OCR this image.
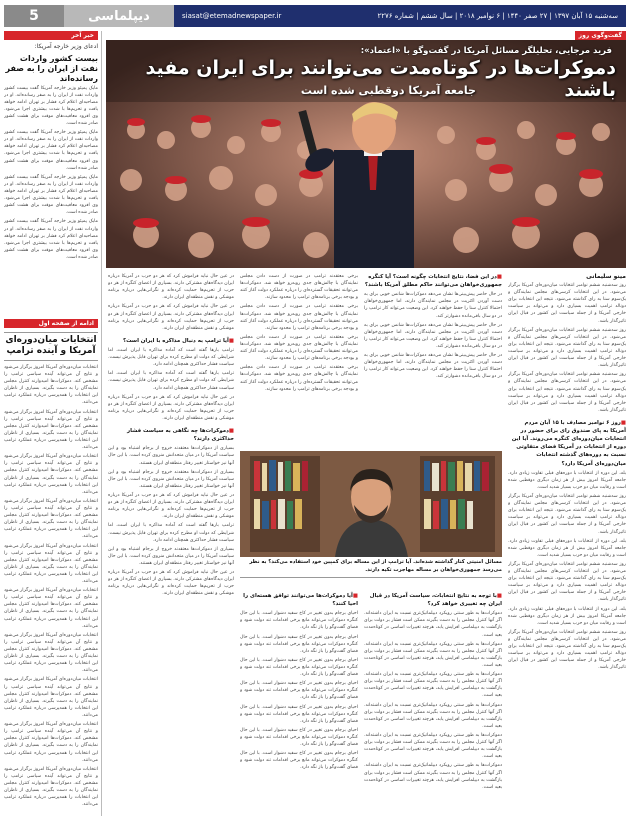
5	دیپلماسی	سه‌شنبه ۱۵ آبان ۱۳۹۷ | ۲۷ صفر ۱۴۴۰ | ۶ نوامبر ۲۰۱۸ | سال ششم | شماره ۲۲۷۶
siasat@etemadnewspaper.ir
خبر آخر
ادعای وزیر خارجه آمریکا:
بیست کشور واردات نفت از ایران را به صفر رسانده‌اند

مایک پمپئو وزیر خارجه آمریکا گفت بیست کشور واردات نفت از ایران را به صفر رسانده‌اند. او در مصاحبه‌ای اعلام کرد فشار بر تهران ادامه خواهد یافت و تحریم‌ها با شدت بیشتری اجرا می‌شود. وی افزود معافیت‌های موقت برای هشت کشور صادر شده است.

مایک پمپئو وزیر خارجه آمریکا گفت بیست کشور واردات نفت از ایران را به صفر رسانده‌اند. او در مصاحبه‌ای اعلام کرد فشار بر تهران ادامه خواهد یافت و تحریم‌ها با شدت بیشتری اجرا می‌شود. وی افزود معافیت‌های موقت برای هشت کشور صادر شده است.

مایک پمپئو وزیر خارجه آمریکا گفت بیست کشور واردات نفت از ایران را به صفر رسانده‌اند. او در مصاحبه‌ای اعلام کرد فشار بر تهران ادامه خواهد یافت و تحریم‌ها با شدت بیشتری اجرا می‌شود. وی افزود معافیت‌های موقت برای هشت کشور صادر شده است.

مایک پمپئو وزیر خارجه آمریکا گفت بیست کشور واردات نفت از ایران را به صفر رسانده‌اند. او در مصاحبه‌ای اعلام کرد فشار بر تهران ادامه خواهد یافت و تحریم‌ها با شدت بیشتری اجرا می‌شود. وی افزود معافیت‌های موقت برای هشت کشور صادر شده است.

ادامه از صفحه اول
انتخابات میان‌دوره‌ای آمریکا و آینده ترامپ

انتخابات میان‌دوره‌ای آمریکا امروز برگزار می‌شود و نتایج آن می‌تواند آینده سیاسی ترامپ را مشخص کند. دموکرات‌ها امیدوارند کنترل مجلس نمایندگان را به دست بگیرند. بسیاری از ناظران این انتخابات را همه‌پرسی درباره عملکرد ترامپ می‌دانند.

انتخابات میان‌دوره‌ای آمریکا امروز برگزار می‌شود و نتایج آن می‌تواند آینده سیاسی ترامپ را مشخص کند. دموکرات‌ها امیدوارند کنترل مجلس نمایندگان را به دست بگیرند. بسیاری از ناظران این انتخابات را همه‌پرسی درباره عملکرد ترامپ می‌دانند.

انتخابات میان‌دوره‌ای آمریکا امروز برگزار می‌شود و نتایج آن می‌تواند آینده سیاسی ترامپ را مشخص کند. دموکرات‌ها امیدوارند کنترل مجلس نمایندگان را به دست بگیرند. بسیاری از ناظران این انتخابات را همه‌پرسی درباره عملکرد ترامپ می‌دانند.

انتخابات میان‌دوره‌ای آمریکا امروز برگزار می‌شود و نتایج آن می‌تواند آینده سیاسی ترامپ را مشخص کند. دموکرات‌ها امیدوارند کنترل مجلس نمایندگان را به دست بگیرند. بسیاری از ناظران این انتخابات را همه‌پرسی درباره عملکرد ترامپ می‌دانند.

انتخابات میان‌دوره‌ای آمریکا امروز برگزار می‌شود و نتایج آن می‌تواند آینده سیاسی ترامپ را مشخص کند. دموکرات‌ها امیدوارند کنترل مجلس نمایندگان را به دست بگیرند. بسیاری از ناظران این انتخابات را همه‌پرسی درباره عملکرد ترامپ می‌دانند.

انتخابات میان‌دوره‌ای آمریکا امروز برگزار می‌شود و نتایج آن می‌تواند آینده سیاسی ترامپ را مشخص کند. دموکرات‌ها امیدوارند کنترل مجلس نمایندگان را به دست بگیرند. بسیاری از ناظران این انتخابات را همه‌پرسی درباره عملکرد ترامپ می‌دانند.

انتخابات میان‌دوره‌ای آمریکا امروز برگزار می‌شود و نتایج آن می‌تواند آینده سیاسی ترامپ را مشخص کند. دموکرات‌ها امیدوارند کنترل مجلس نمایندگان را به دست بگیرند. بسیاری از ناظران این انتخابات را همه‌پرسی درباره عملکرد ترامپ می‌دانند.

انتخابات میان‌دوره‌ای آمریکا امروز برگزار می‌شود و نتایج آن می‌تواند آینده سیاسی ترامپ را مشخص کند. دموکرات‌ها امیدوارند کنترل مجلس نمایندگان را به دست بگیرند. بسیاری از ناظران این انتخابات را همه‌پرسی درباره عملکرد ترامپ می‌دانند.

انتخابات میان‌دوره‌ای آمریکا امروز برگزار می‌شود و نتایج آن می‌تواند آینده سیاسی ترامپ را مشخص کند. دموکرات‌ها امیدوارند کنترل مجلس نمایندگان را به دست بگیرند. بسیاری از ناظران این انتخابات را همه‌پرسی درباره عملکرد ترامپ می‌دانند.

انتخابات میان‌دوره‌ای آمریکا امروز برگزار می‌شود و نتایج آن می‌تواند آینده سیاسی ترامپ را مشخص کند. دموکرات‌ها امیدوارند کنترل مجلس نمایندگان را به دست بگیرند. بسیاری از ناظران این انتخابات را همه‌پرسی درباره عملکرد ترامپ می‌دانند.

گفت‌وگوی روز
فرید مرجایی، تحلیلگر مسائل آمریکا در گفت‌وگو با «اعتماد»:
دموکرات‌ها در کوتاه‌مدت می‌توانند برای ایران مفید باشند
جامعه آمریکا دوقطبی شده است
مینو سلیمانی

روز سه‌شنبه ششم نوامبر انتخابات میان‌دوره‌ای آمریکا برگزار می‌شود. در این انتخابات کرسی‌های مجلس نمایندگان و یک‌سوم سنا به رای گذاشته می‌شود. نتیجه این انتخابات برای دونالد ترامپ اهمیت بسیاری دارد و می‌تواند بر سیاست خارجی آمریکا و از جمله سیاست این کشور در قبال ایران تاثیرگذار باشد.

روز سه‌شنبه ششم نوامبر انتخابات میان‌دوره‌ای آمریکا برگزار می‌شود. در این انتخابات کرسی‌های مجلس نمایندگان و یک‌سوم سنا به رای گذاشته می‌شود. نتیجه این انتخابات برای دونالد ترامپ اهمیت بسیاری دارد و می‌تواند بر سیاست خارجی آمریکا و از جمله سیاست این کشور در قبال ایران تاثیرگذار باشد.

روز سه‌شنبه ششم نوامبر انتخابات میان‌دوره‌ای آمریکا برگزار می‌شود. در این انتخابات کرسی‌های مجلس نمایندگان و یک‌سوم سنا به رای گذاشته می‌شود. نتیجه این انتخابات برای دونالد ترامپ اهمیت بسیاری دارد و می‌تواند بر سیاست خارجی آمریکا و از جمله سیاست این کشور در قبال ایران تاثیرگذار باشد.

■ روز ۶ نوامبر مصادف با ۱۵ آبان مردم آمریکا به پای صندوق رای برای حضور در انتخابات میان‌دوره‌ای کنگره می‌روند. آیا این دوره از انتخابات در آمریکا فضای متفاوتی نسبت به دوره‌های گذشته انتخابات میان‌دوره‌ای آمریکا دارد؟

بله، این دوره از انتخابات با دوره‌های قبلی تفاوت زیادی دارد. جامعه آمریکا امروز بیش از هر زمان دیگری دوقطبی شده است و رقابت میان دو حزب بسیار شدید است.

روز سه‌شنبه ششم نوامبر انتخابات میان‌دوره‌ای آمریکا برگزار می‌شود. در این انتخابات کرسی‌های مجلس نمایندگان و یک‌سوم سنا به رای گذاشته می‌شود. نتیجه این انتخابات برای دونالد ترامپ اهمیت بسیاری دارد و می‌تواند بر سیاست خارجی آمریکا و از جمله سیاست این کشور در قبال ایران تاثیرگذار باشد.

بله، این دوره از انتخابات با دوره‌های قبلی تفاوت زیادی دارد. جامعه آمریکا امروز بیش از هر زمان دیگری دوقطبی شده است و رقابت میان دو حزب بسیار شدید است.

روز سه‌شنبه ششم نوامبر انتخابات میان‌دوره‌ای آمریکا برگزار می‌شود. در این انتخابات کرسی‌های مجلس نمایندگان و یک‌سوم سنا به رای گذاشته می‌شود. نتیجه این انتخابات برای دونالد ترامپ اهمیت بسیاری دارد و می‌تواند بر سیاست خارجی آمریکا و از جمله سیاست این کشور در قبال ایران تاثیرگذار باشد.

بله، این دوره از انتخابات با دوره‌های قبلی تفاوت زیادی دارد. جامعه آمریکا امروز بیش از هر زمان دیگری دوقطبی شده است و رقابت میان دو حزب بسیار شدید است.

روز سه‌شنبه ششم نوامبر انتخابات میان‌دوره‌ای آمریکا برگزار می‌شود. در این انتخابات کرسی‌های مجلس نمایندگان و یک‌سوم سنا به رای گذاشته می‌شود. نتیجه این انتخابات برای دونالد ترامپ اهمیت بسیاری دارد و می‌تواند بر سیاست خارجی آمریکا و از جمله سیاست این کشور در قبال ایران تاثیرگذار باشد.

■ در این فضا، نتایج انتخابات چگونه است؟ آیا کنگره جمهوری‌خواهان می‌توانند حاکم مطلق آمریکا باشند؟

در حال حاضر پیش‌بینی‌ها نشان می‌دهد دموکرات‌ها شانس خوبی برای به دست آوردن اکثریت در مجلس نمایندگان دارند، اما جمهوری‌خواهان احتمالا کنترل سنا را حفظ خواهند کرد. این وضعیت می‌تواند کار ترامپ را در دو سال باقی‌مانده دشوارتر کند.

در حال حاضر پیش‌بینی‌ها نشان می‌دهد دموکرات‌ها شانس خوبی برای به دست آوردن اکثریت در مجلس نمایندگان دارند، اما جمهوری‌خواهان احتمالا کنترل سنا را حفظ خواهند کرد. این وضعیت می‌تواند کار ترامپ را در دو سال باقی‌مانده دشوارتر کند.

در حال حاضر پیش‌بینی‌ها نشان می‌دهد دموکرات‌ها شانس خوبی برای به دست آوردن اکثریت در مجلس نمایندگان دارند، اما جمهوری‌خواهان احتمالا کنترل سنا را حفظ خواهند کرد. این وضعیت می‌تواند کار ترامپ را در دو سال باقی‌مانده دشوارتر کند.

برخی معتقدند ترامپ در صورت از دست دادن مجلس نمایندگان با چالش‌های جدی روبه‌رو خواهد شد. دموکرات‌ها می‌توانند تحقیقات گسترده‌ای را درباره عملکرد دولت آغاز کنند و بودجه برخی برنامه‌های ترامپ را محدود سازند.

برخی معتقدند ترامپ در صورت از دست دادن مجلس نمایندگان با چالش‌های جدی روبه‌رو خواهد شد. دموکرات‌ها می‌توانند تحقیقات گسترده‌ای را درباره عملکرد دولت آغاز کنند و بودجه برخی برنامه‌های ترامپ را محدود سازند.

برخی معتقدند ترامپ در صورت از دست دادن مجلس نمایندگان با چالش‌های جدی روبه‌رو خواهد شد. دموکرات‌ها می‌توانند تحقیقات گسترده‌ای را درباره عملکرد دولت آغاز کنند و بودجه برخی برنامه‌های ترامپ را محدود سازند.

برخی معتقدند ترامپ در صورت از دست دادن مجلس نمایندگان با چالش‌های جدی روبه‌رو خواهد شد. دموکرات‌ها می‌توانند تحقیقات گسترده‌ای را درباره عملکرد دولت آغاز کنند و بودجه برخی برنامه‌های ترامپ را محدود سازند.

مسائل امنیتی کنار گذاشته شده‌اند. آیا ترامپ از این مساله برای کمپین خود استفاده می‌کند؟ به نظر می‌رسد جمهوری‌خواهان بر مساله مهاجرت تکیه دارند.
■ با توجه به نتایج انتخابات، سیاست آمریکا در قبال ایران چه تغییری خواهد کرد؟

دموکرات‌ها به طور سنتی رویکرد دیپلماتیک‌تری نسبت به ایران داشته‌اند. اگر آنها کنترل مجلس را به دست بگیرند ممکن است فشار بر دولت برای بازگشت به دیپلماسی افزایش یابد، هرچند تغییرات اساسی در کوتاه‌مدت بعید است.

دموکرات‌ها به طور سنتی رویکرد دیپلماتیک‌تری نسبت به ایران داشته‌اند. اگر آنها کنترل مجلس را به دست بگیرند ممکن است فشار بر دولت برای بازگشت به دیپلماسی افزایش یابد، هرچند تغییرات اساسی در کوتاه‌مدت بعید است.

دموکرات‌ها به طور سنتی رویکرد دیپلماتیک‌تری نسبت به ایران داشته‌اند. اگر آنها کنترل مجلس را به دست بگیرند ممکن است فشار بر دولت برای بازگشت به دیپلماسی افزایش یابد، هرچند تغییرات اساسی در کوتاه‌مدت بعید است.

دموکرات‌ها به طور سنتی رویکرد دیپلماتیک‌تری نسبت به ایران داشته‌اند. اگر آنها کنترل مجلس را به دست بگیرند ممکن است فشار بر دولت برای بازگشت به دیپلماسی افزایش یابد، هرچند تغییرات اساسی در کوتاه‌مدت بعید است.

دموکرات‌ها به طور سنتی رویکرد دیپلماتیک‌تری نسبت به ایران داشته‌اند. اگر آنها کنترل مجلس را به دست بگیرند ممکن است فشار بر دولت برای بازگشت به دیپلماسی افزایش یابد، هرچند تغییرات اساسی در کوتاه‌مدت بعید است.

دموکرات‌ها به طور سنتی رویکرد دیپلماتیک‌تری نسبت به ایران داشته‌اند. اگر آنها کنترل مجلس را به دست بگیرند ممکن است فشار بر دولت برای بازگشت به دیپلماسی افزایش یابد، هرچند تغییرات اساسی در کوتاه‌مدت بعید است.

■ آیا دموکرات‌ها می‌توانند توافق هسته‌ای را احیا کنند؟

احیای برجام بدون تغییر در کاخ سفید دشوار است. با این حال کنگره دموکرات می‌تواند مانع برخی اقدامات تند دولت شود و فضای گفت‌وگو را باز نگه دارد.

احیای برجام بدون تغییر در کاخ سفید دشوار است. با این حال کنگره دموکرات می‌تواند مانع برخی اقدامات تند دولت شود و فضای گفت‌وگو را باز نگه دارد.

احیای برجام بدون تغییر در کاخ سفید دشوار است. با این حال کنگره دموکرات می‌تواند مانع برخی اقدامات تند دولت شود و فضای گفت‌وگو را باز نگه دارد.

احیای برجام بدون تغییر در کاخ سفید دشوار است. با این حال کنگره دموکرات می‌تواند مانع برخی اقدامات تند دولت شود و فضای گفت‌وگو را باز نگه دارد.

احیای برجام بدون تغییر در کاخ سفید دشوار است. با این حال کنگره دموکرات می‌تواند مانع برخی اقدامات تند دولت شود و فضای گفت‌وگو را باز نگه دارد.

احیای برجام بدون تغییر در کاخ سفید دشوار است. با این حال کنگره دموکرات می‌تواند مانع برخی اقدامات تند دولت شود و فضای گفت‌وگو را باز نگه دارد.

احیای برجام بدون تغییر در کاخ سفید دشوار است. با این حال کنگره دموکرات می‌تواند مانع برخی اقدامات تند دولت شود و فضای گفت‌وگو را باز نگه دارد.

در عین حال نباید فراموش کرد که هر دو حزب در آمریکا درباره ایران دیدگاه‌های مشترکی دارند. بسیاری از اعضای کنگره از هر دو حزب از تحریم‌ها حمایت کرده‌اند و نگرانی‌هایی درباره برنامه موشکی و نقش منطقه‌ای ایران دارند.

در عین حال نباید فراموش کرد که هر دو حزب در آمریکا درباره ایران دیدگاه‌های مشترکی دارند. بسیاری از اعضای کنگره از هر دو حزب از تحریم‌ها حمایت کرده‌اند و نگرانی‌هایی درباره برنامه موشکی و نقش منطقه‌ای ایران دارند.

■ آیا ترامپ به دنبال مذاکره با ایران است؟

ترامپ بارها گفته است که آماده مذاکره با ایران است، اما شرایطی که دولت او مطرح کرده برای تهران قابل پذیرش نیست. سیاست فشار حداکثری همچنان ادامه دارد.

ترامپ بارها گفته است که آماده مذاکره با ایران است، اما شرایطی که دولت او مطرح کرده برای تهران قابل پذیرش نیست. سیاست فشار حداکثری همچنان ادامه دارد.

در عین حال نباید فراموش کرد که هر دو حزب در آمریکا درباره ایران دیدگاه‌های مشترکی دارند. بسیاری از اعضای کنگره از هر دو حزب از تحریم‌ها حمایت کرده‌اند و نگرانی‌هایی درباره برنامه موشکی و نقش منطقه‌ای ایران دارند.

■ دموکرات‌ها چه نگاهی به سیاست فشار حداکثری دارند؟

بسیاری از دموکرات‌ها معتقدند خروج از برجام اشتباه بود و این سیاست آمریکا را در میان متحدانش منزوی کرده است. با این حال آنها نیز خواستار تغییر رفتار منطقه‌ای ایران هستند.

بسیاری از دموکرات‌ها معتقدند خروج از برجام اشتباه بود و این سیاست آمریکا را در میان متحدانش منزوی کرده است. با این حال آنها نیز خواستار تغییر رفتار منطقه‌ای ایران هستند.

در عین حال نباید فراموش کرد که هر دو حزب در آمریکا درباره ایران دیدگاه‌های مشترکی دارند. بسیاری از اعضای کنگره از هر دو حزب از تحریم‌ها حمایت کرده‌اند و نگرانی‌هایی درباره برنامه موشکی و نقش منطقه‌ای ایران دارند.

ترامپ بارها گفته است که آماده مذاکره با ایران است، اما شرایطی که دولت او مطرح کرده برای تهران قابل پذیرش نیست. سیاست فشار حداکثری همچنان ادامه دارد.

بسیاری از دموکرات‌ها معتقدند خروج از برجام اشتباه بود و این سیاست آمریکا را در میان متحدانش منزوی کرده است. با این حال آنها نیز خواستار تغییر رفتار منطقه‌ای ایران هستند.

در عین حال نباید فراموش کرد که هر دو حزب در آمریکا درباره ایران دیدگاه‌های مشترکی دارند. بسیاری از اعضای کنگره از هر دو حزب از تحریم‌ها حمایت کرده‌اند و نگرانی‌هایی درباره برنامه موشکی و نقش منطقه‌ای ایران دارند.
